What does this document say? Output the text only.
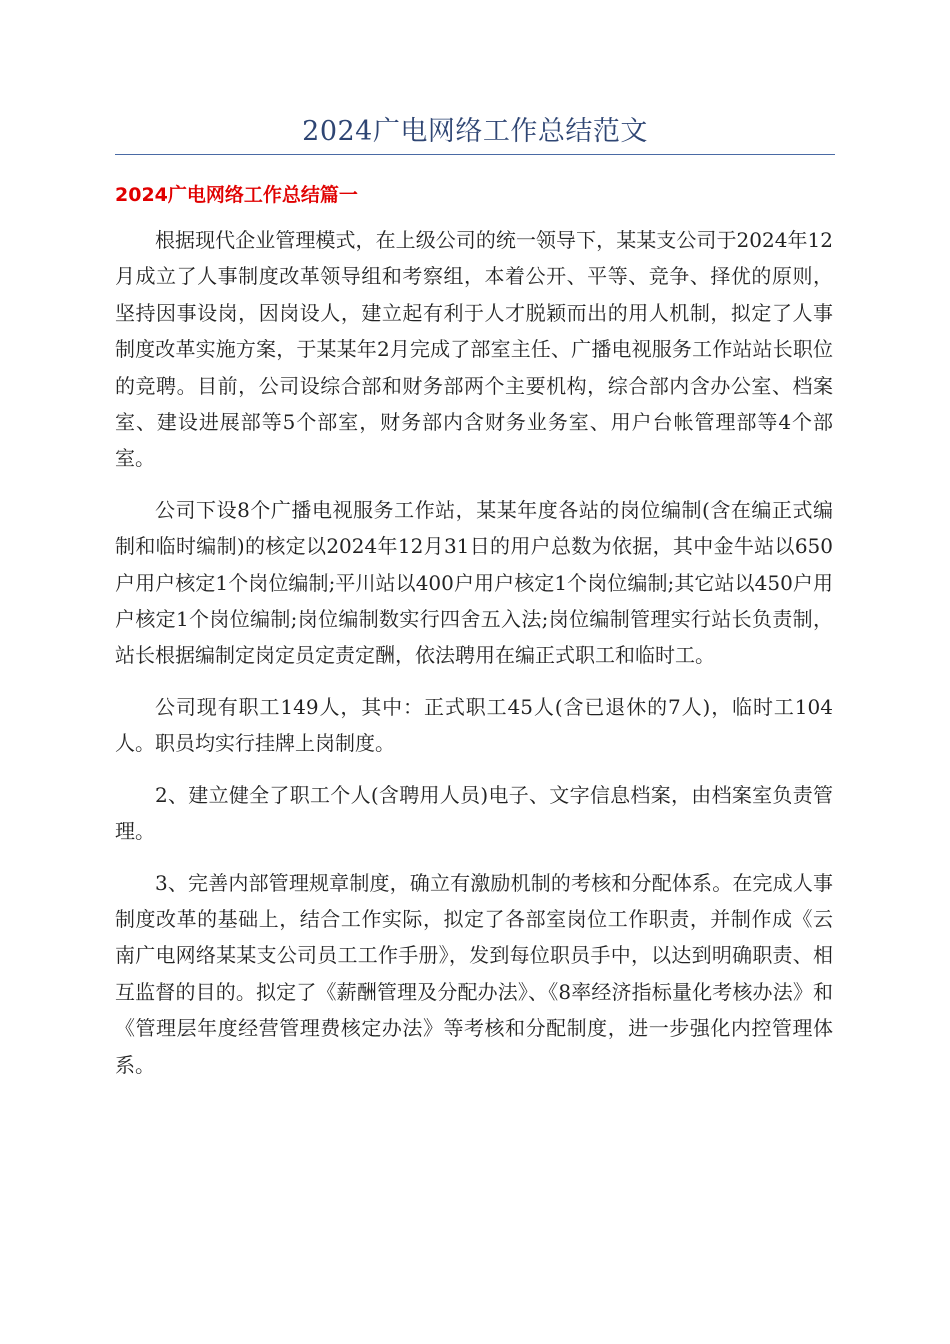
2024广电网络工作总结范文
2024广电网络工作总结篇一

根据现代企业管理模式，在上级公司的统一领导下，某某支公司于2024年12月成立了人事制度改革领导组和考察组，本着公开、平等、竞争、择优的原则，坚持因事设岗，因岗设人，建立起有利于人才脱颖而出的用人机制，拟定了人事制度改革实施方案，于某某年2月完成了部室主任、广播电视服务工作站站长职位的竞聘。目前，公司设综合部和财务部两个主要机构，综合部内含办公室、档案室、建设进展部等5个部室，财务部内含财务业务室、用户台帐管理部等4个部室。

公司下设8个广播电视服务工作站，某某年度各站的岗位编制(含在编正式编制和临时编制)的核定以2024年12月31日的用户总数为依据，其中金牛站以650户用户核定1个岗位编制;平川站以400户用户核定1个岗位编制;其它站以450户用户核定1个岗位编制;岗位编制数实行四舍五入法;岗位编制管理实行站长负责制，站长根据编制定岗定员定责定酬，依法聘用在编正式职工和临时工。

公司现有职工149人，其中：正式职工45人(含已退休的7人)，临时工104人。职员均实行挂牌上岗制度。

2、建立健全了职工个人(含聘用人员)电子、文字信息档案，由档案室负责管理。

3、完善内部管理规章制度，确立有激励机制的考核和分配体系。在完成人事制度改革的基础上，结合工作实际，拟定了各部室岗位工作职责，并制作成《云南广电网络某某支公司员工工作手册》，发到每位职员手中，以达到明确职责、相互监督的目的。拟定了《薪酬管理及分配办法》、《8率经济指标量化考核办法》和《管理层年度经营管理费核定办法》等考核和分配制度，进一步强化内控管理体系。
